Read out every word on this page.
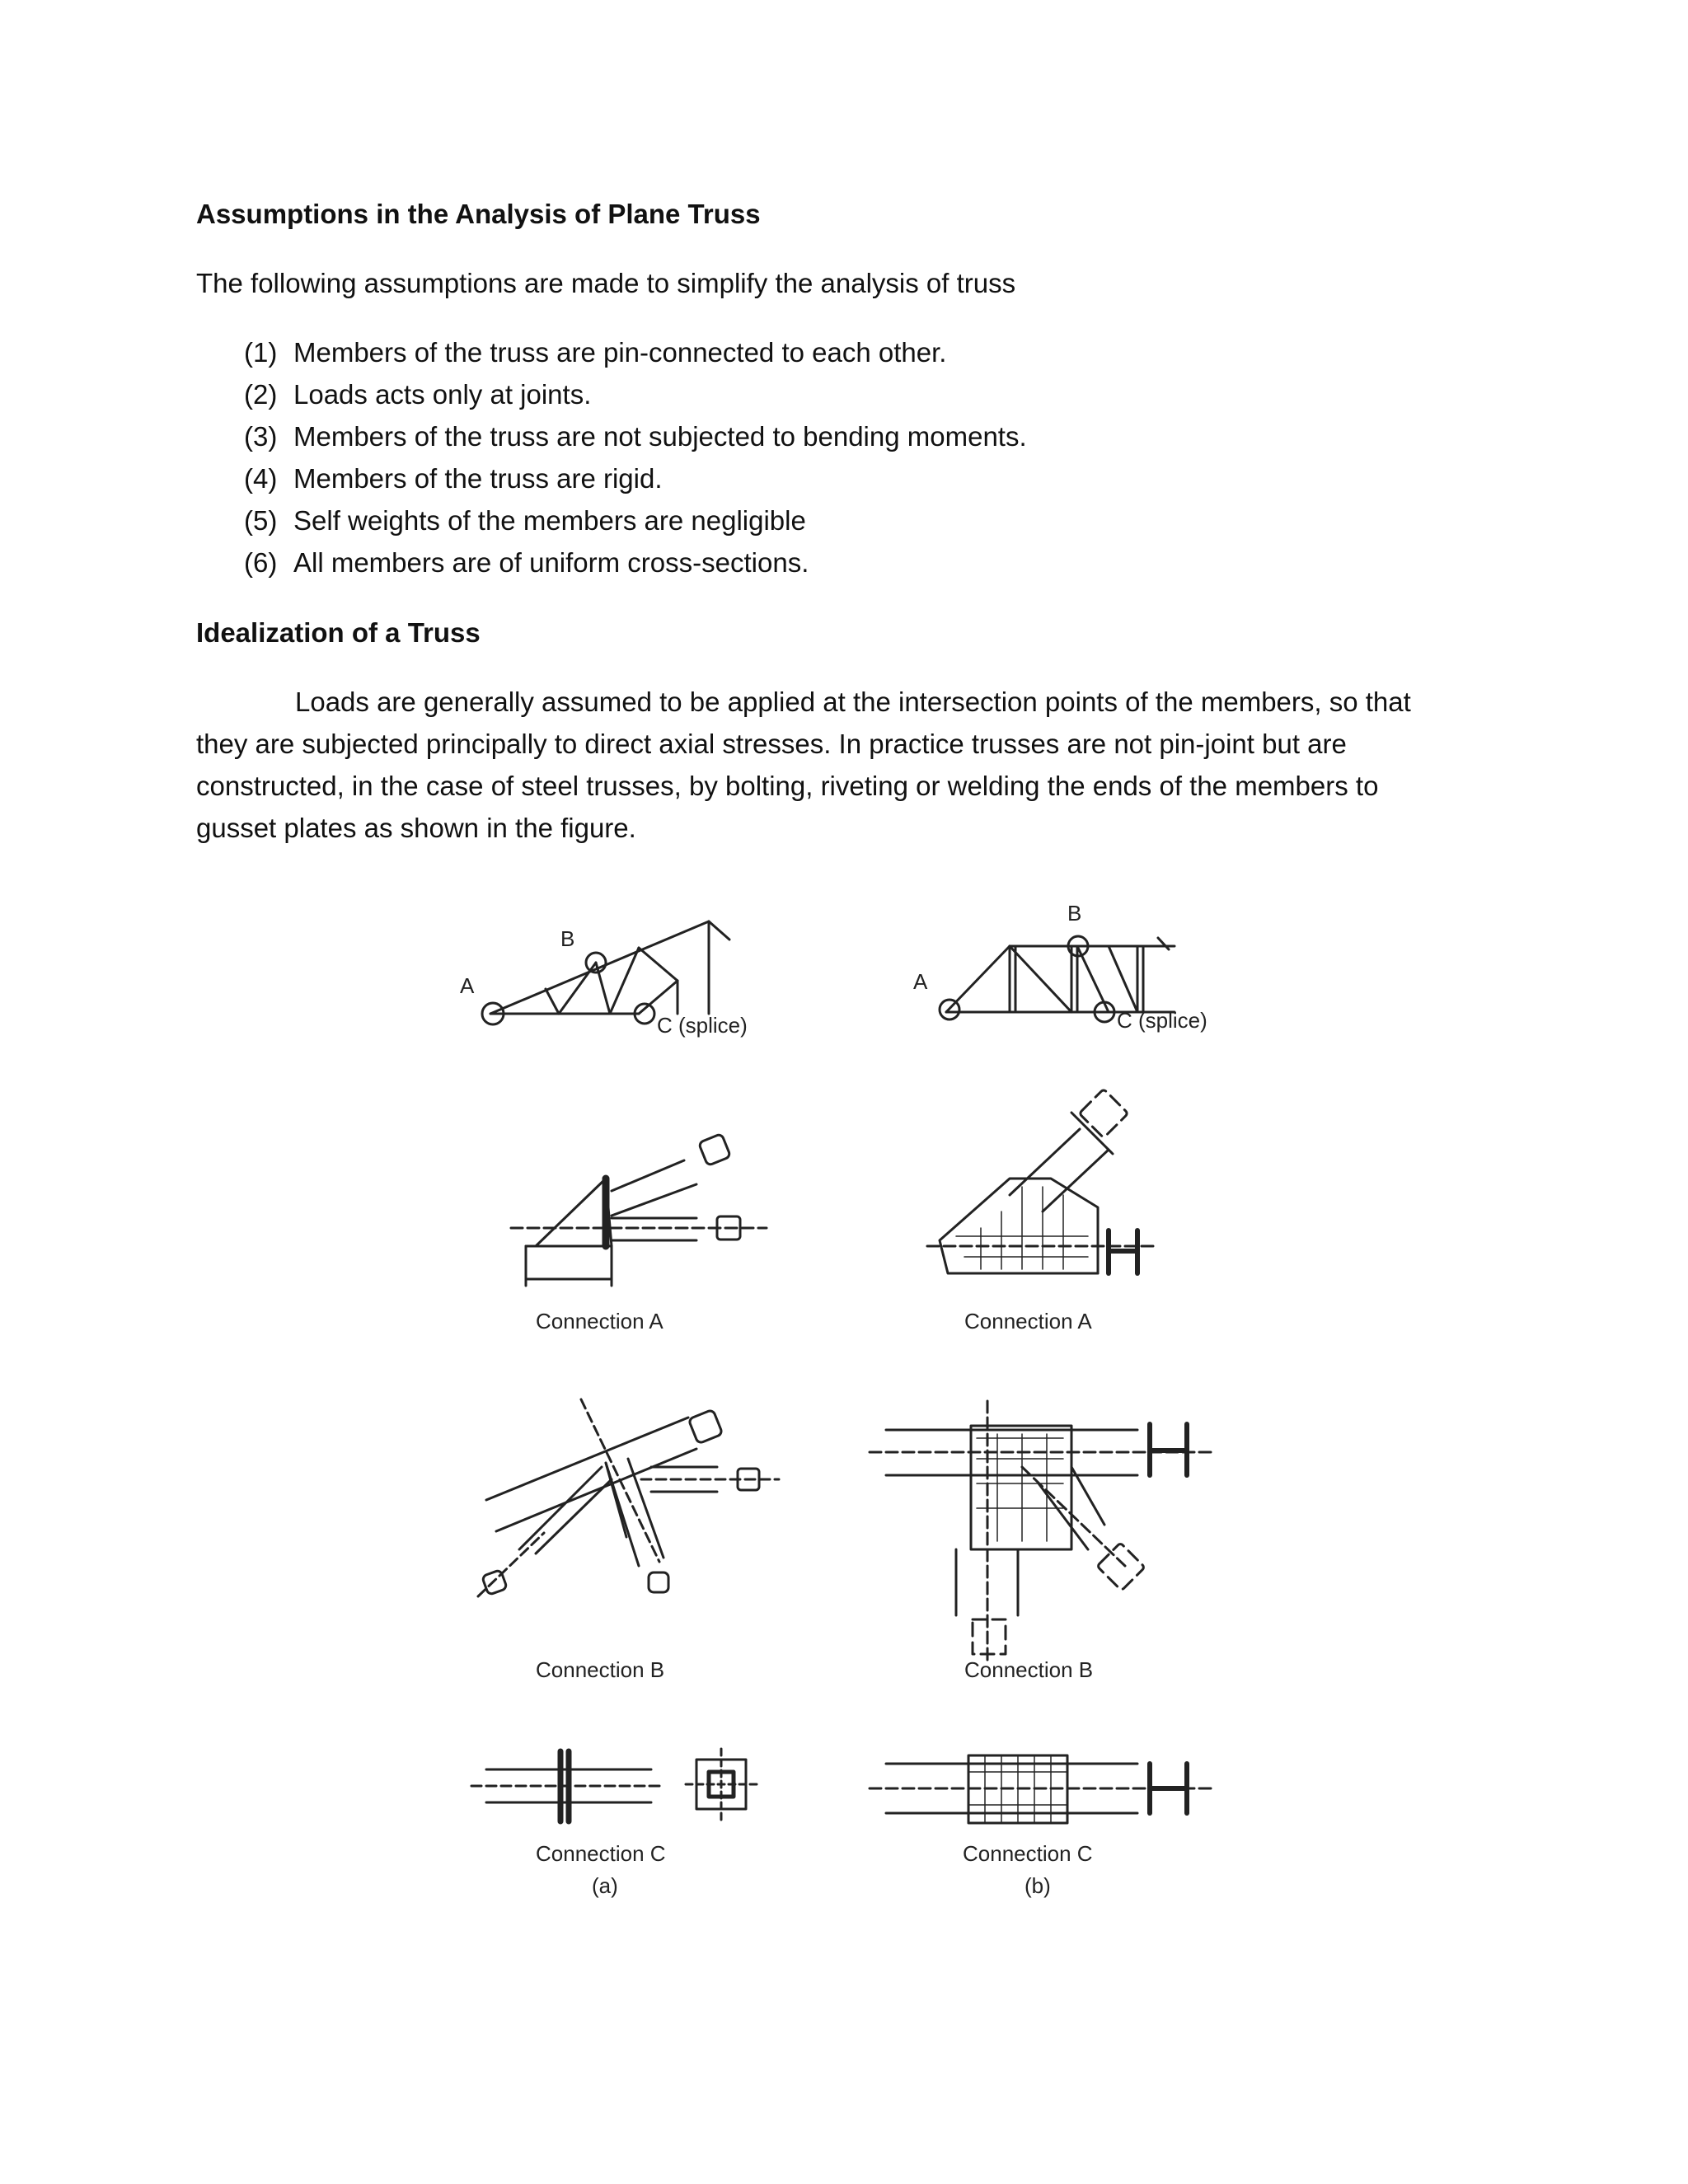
Assumptions in the Analysis of Plane Truss

The following assumptions are made to simplify the analysis of truss

(1) Members of the truss are pin-connected to each other.
(2) Loads acts only at joints.
(3) Members of the truss are not subjected to bending moments.
(4) Members of the truss are rigid.
(5) Self weights of the members are negligible
(6) All members are of uniform cross-sections.
Idealization of a Truss
Loads are generally assumed to be applied at the intersection points of the members, so that
they are subjected principally to direct axial stresses. In practice trusses are not pin-joint but are
constructed, in the case of steel trusses, by bolting, riveting or welding the ends of the members to
gusset plates as shown in the figure.
A
B
C (splice)
A
B
C (splice)
Connection A	Connection A
Connection B	Connection B
Connection C	Connection C
(a)	(b)
